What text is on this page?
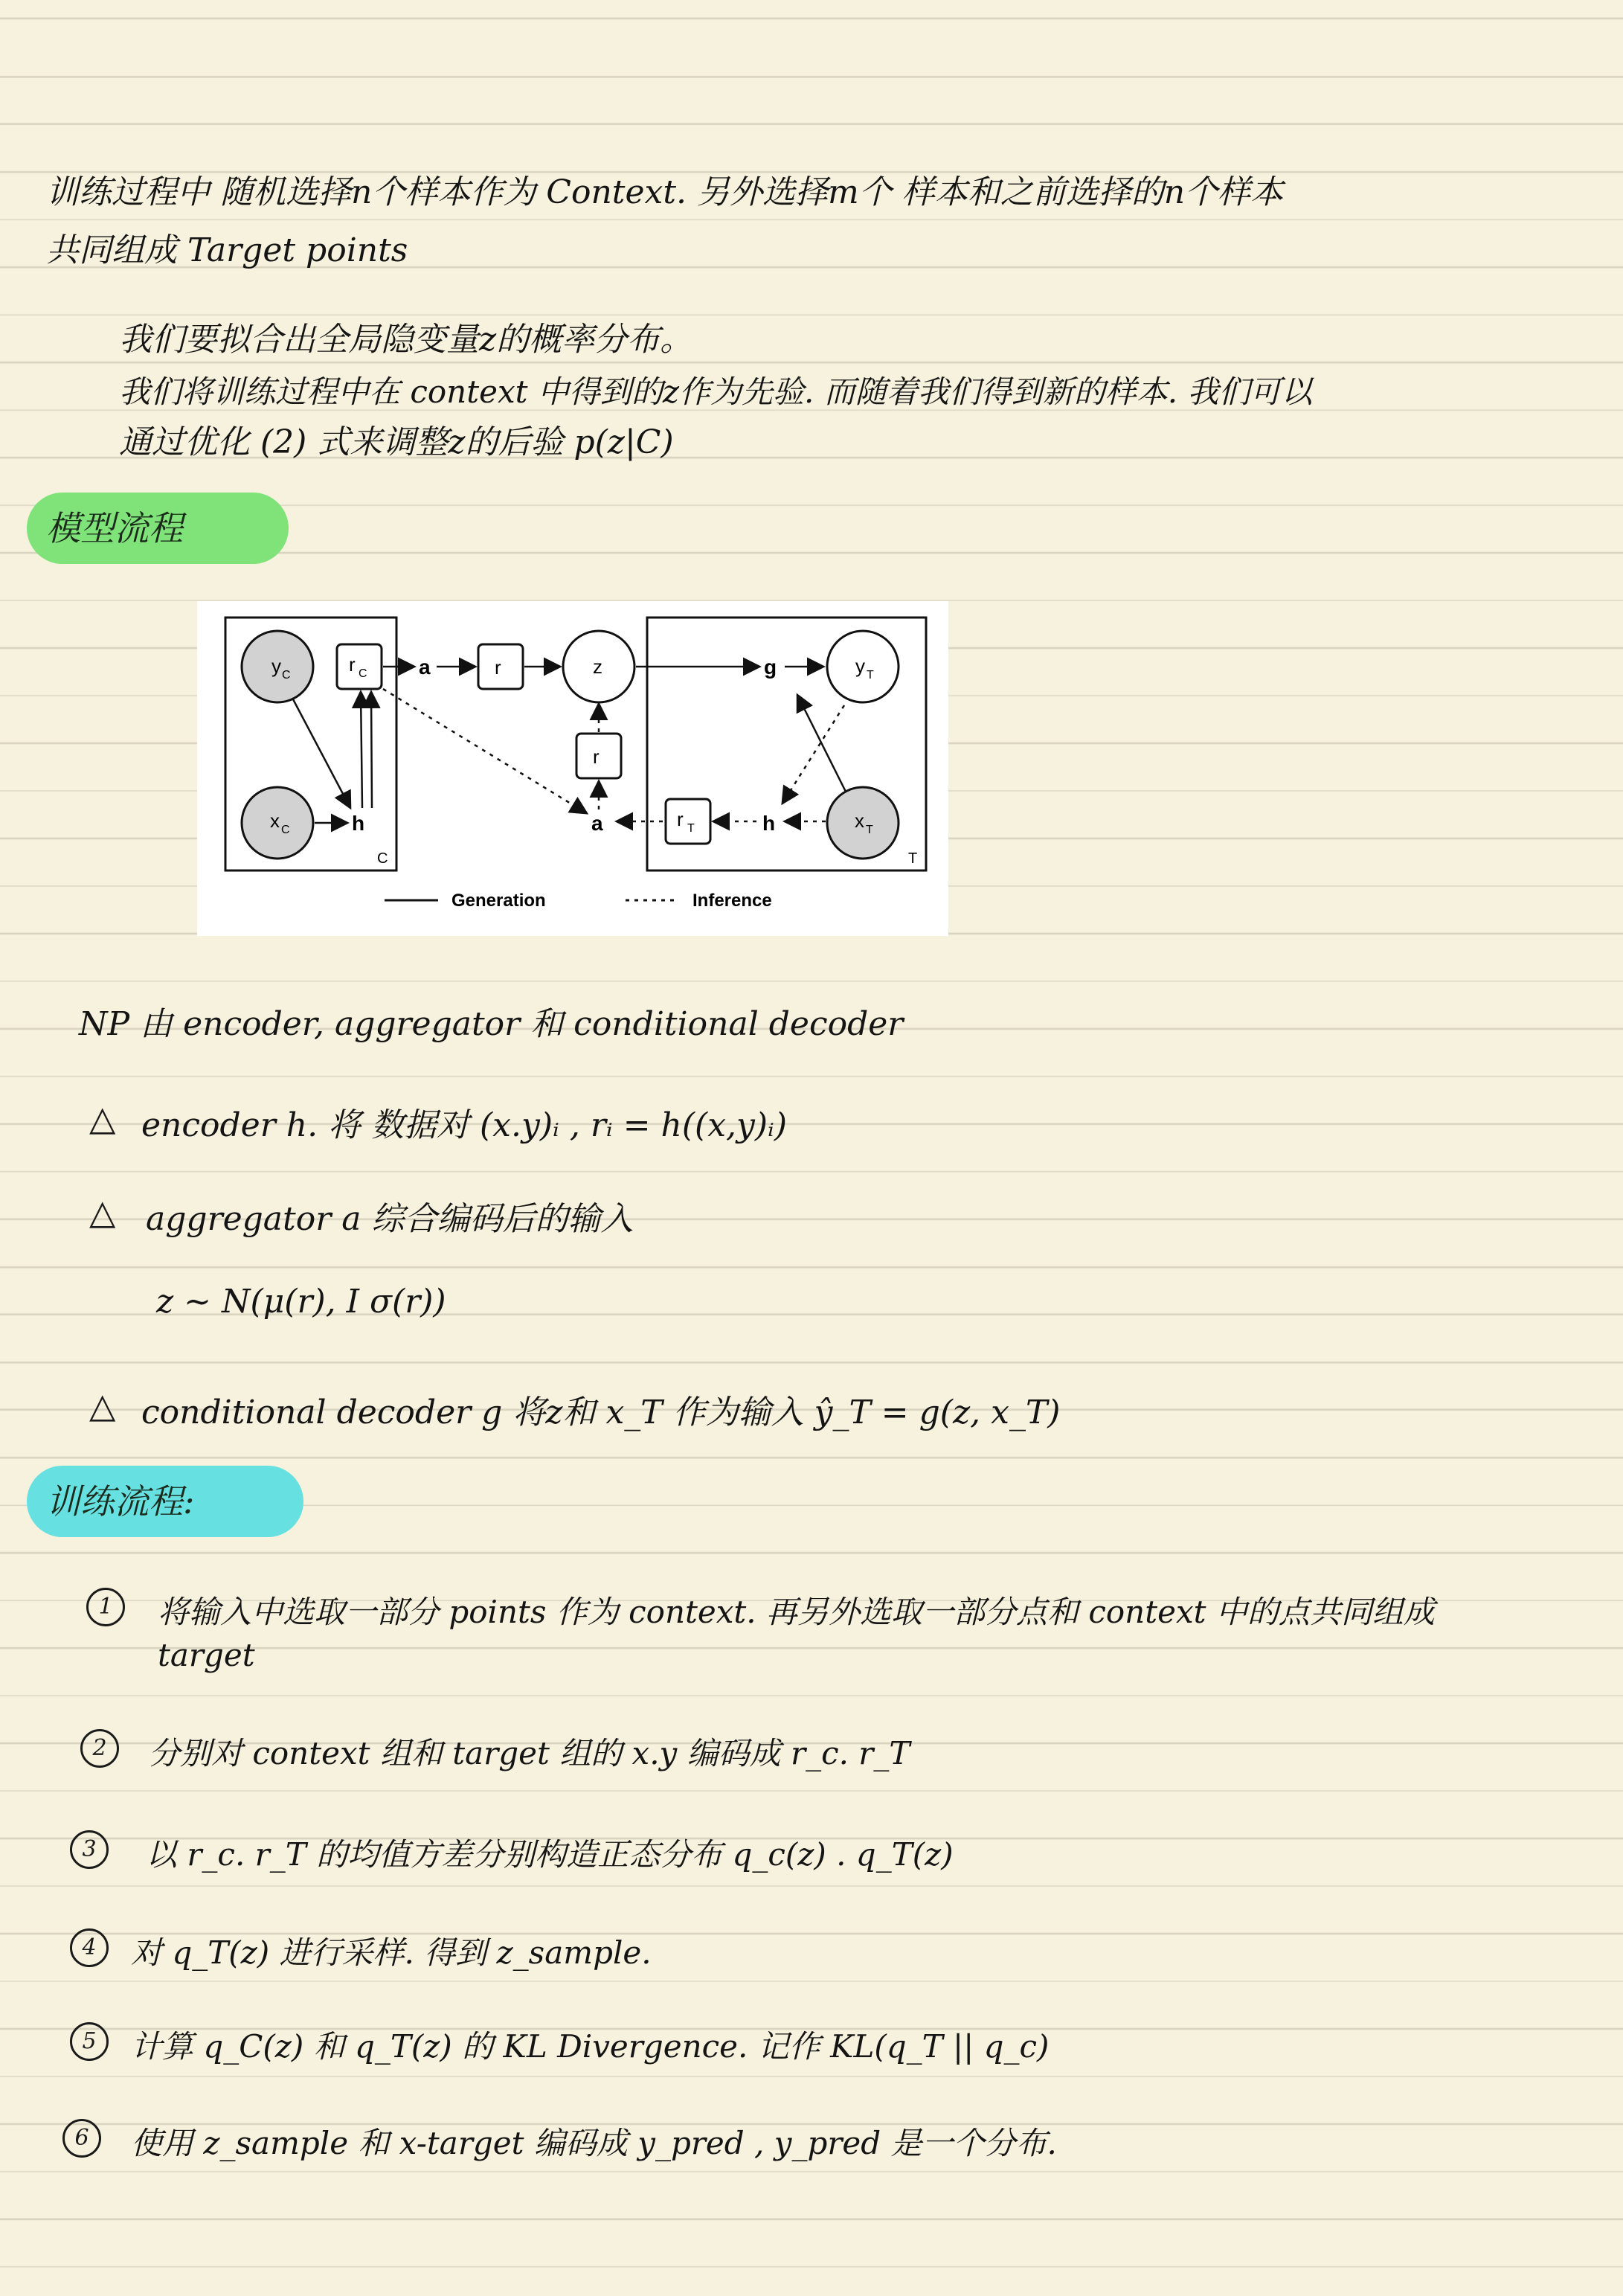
训练过程中 随机选择n个样本作为 Context. 另外选择m个 样本和之前选择的n个样本
共同组成 Target points
我们要拟合出全局隐变量z的概率分布。
我们将训练过程中在 context 中得到的z作为先验. 而随着我们得到新的样本. 我们可以
通过优化 (2) 式来调整z的后验 p(z|C)
模型流程
y C
x C
r C
h
C
a	r	z
r
a	r T	h	x T
T
g	y T
Generation	Inference
NP 由 encoder, aggregator 和 conditional decoder
△ encoder h. 将 数据对 (x.y)ᵢ , rᵢ = h((x,y)ᵢ)
△ aggregator a 综合编码后的输入
z ~ N(μ(r), I σ(r))
△ conditional decoder g 将z和 x_T 作为输入 ŷ_T = g(z, x_T)
训练流程:
1	将输入中选取一部分 points 作为 context. 再另外选取一部分点和 context 中的点共同组成
target
2	分别对 context 组和 target 组的 x.y 编码成 r_c. r_T
3	以 r_c. r_T 的均值方差分别构造正态分布 q_c(z) . q_T(z)
4	对 q_T(z) 进行采样. 得到 z_sample.
5	计算 q_C(z) 和 q_T(z) 的 KL Divergence. 记作 KL(q_T || q_c)
6	使用 z_sample 和 x-target 编码成 y_pred , y_pred 是一个分布.
